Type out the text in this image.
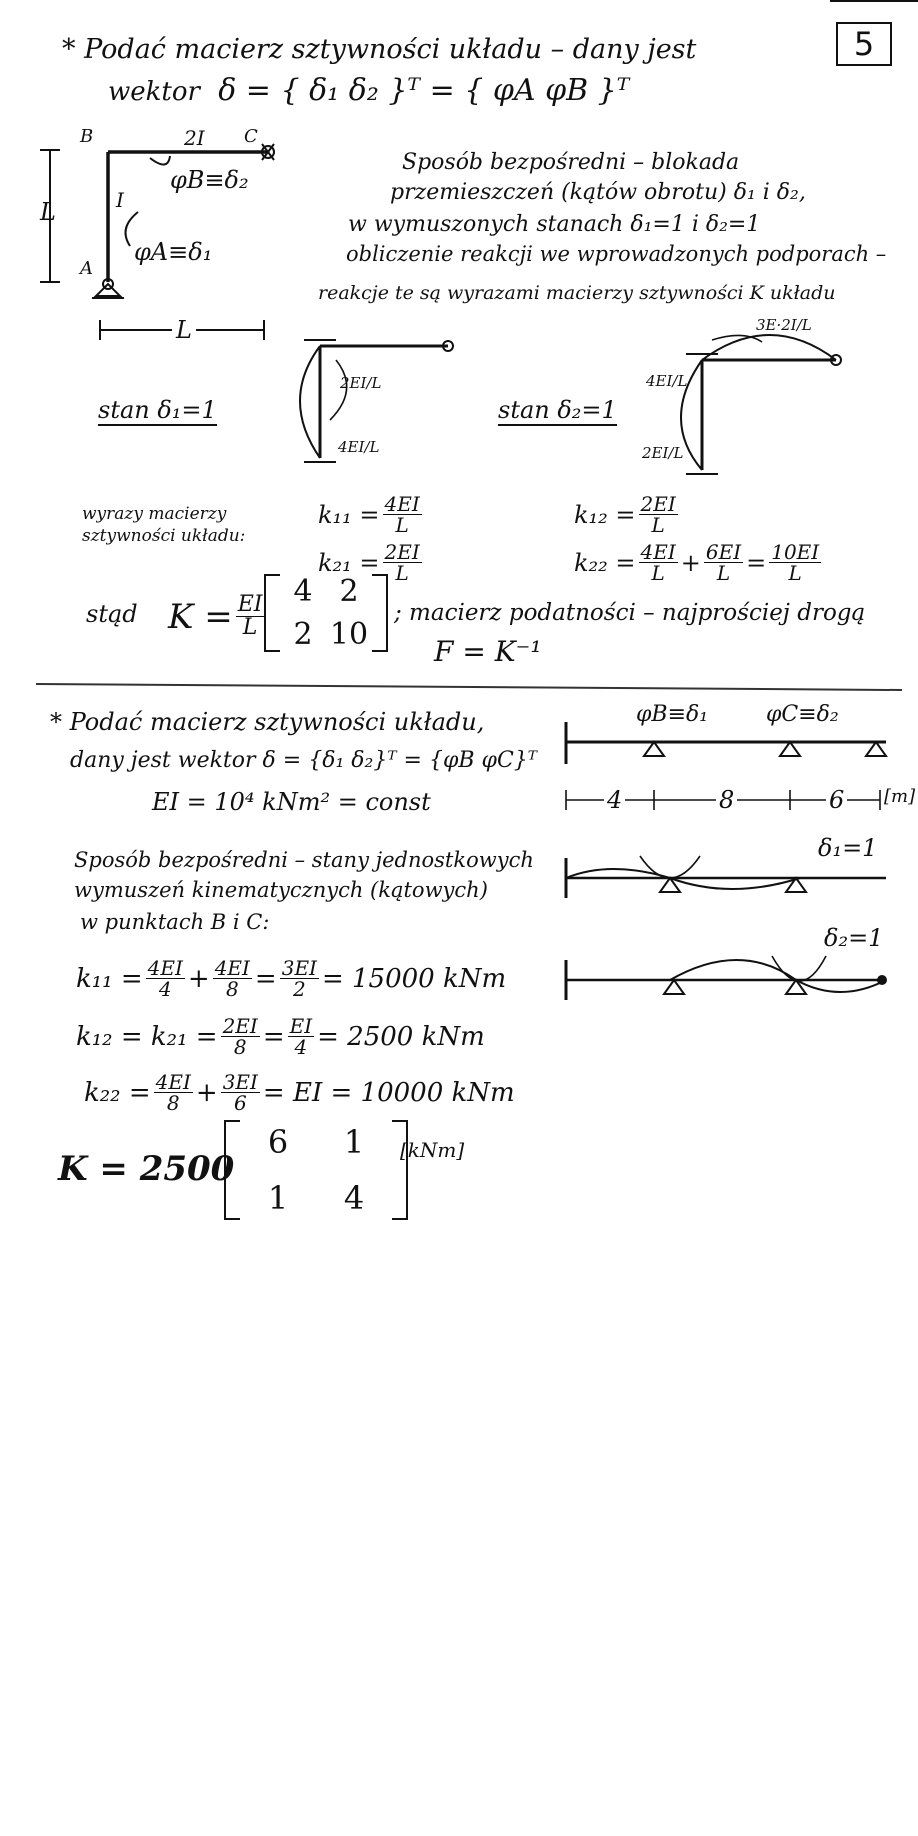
5
* Podać macierz sztywności układu – dany jest
wektor δ = { δ₁ δ₂ }ᵀ = { φA φB }ᵀ
B	C
A
2I
I
L
L
φB≡δ₂
φA≡δ₁
Sposób bezpośredni – blokada
przemieszczeń (kątów obrotu) δ₁ i δ₂,
w wymuszonych stanach δ₁=1 i δ₂=1
obliczenie reakcji we wprowadzonych podporach –
reakcje te są wyrazami macierzy sztywności K układu
stan δ₁=1	stan δ₂=1
2EI/L
4EI/L
3E·2I/L
4EI/L
2EI/L
wyrazy macierzy
sztywności układu:
$k_{11} = \frac{4EI}{L}$
$k_{21} = \frac{2EI}{L}$
$k_{12} = \frac{2EI}{L}$
$k_{22} = \frac{4EI}{L} + \frac{6EI}{L} = \frac{10EI}{L}$
stąd $K = \frac{EI}{L}$
4 2
2 10
; macierz podatności – najprościej drogą
F = K⁻¹
* Podać macierz sztywności układu,
dany jest wektor δ = {δ₁ δ₂}ᵀ = {φB φC}ᵀ
EI = 10⁴ kNm² = const
φB≡δ₁	φC≡δ₂
4	8	6 [m]
Sposób bezpośredni – stany jednostkowych
wymuszeń kinematycznych (kątowych)
w punktach B i C:
δ₁=1
δ₂=1
$k_{11} = \frac{4EI}{4} + \frac{4EI}{8} = \frac{3EI}{2} = 15000$ kNm
$k_{12} = k_{21} = \frac{2EI}{8} = \frac{EI}{4} = 2500$ kNm
$k_{22} = \frac{4EI}{8} + \frac{3EI}{6}$ = EI = 10000 kNm
K = 2500
6	1
1	4
[kNm]
